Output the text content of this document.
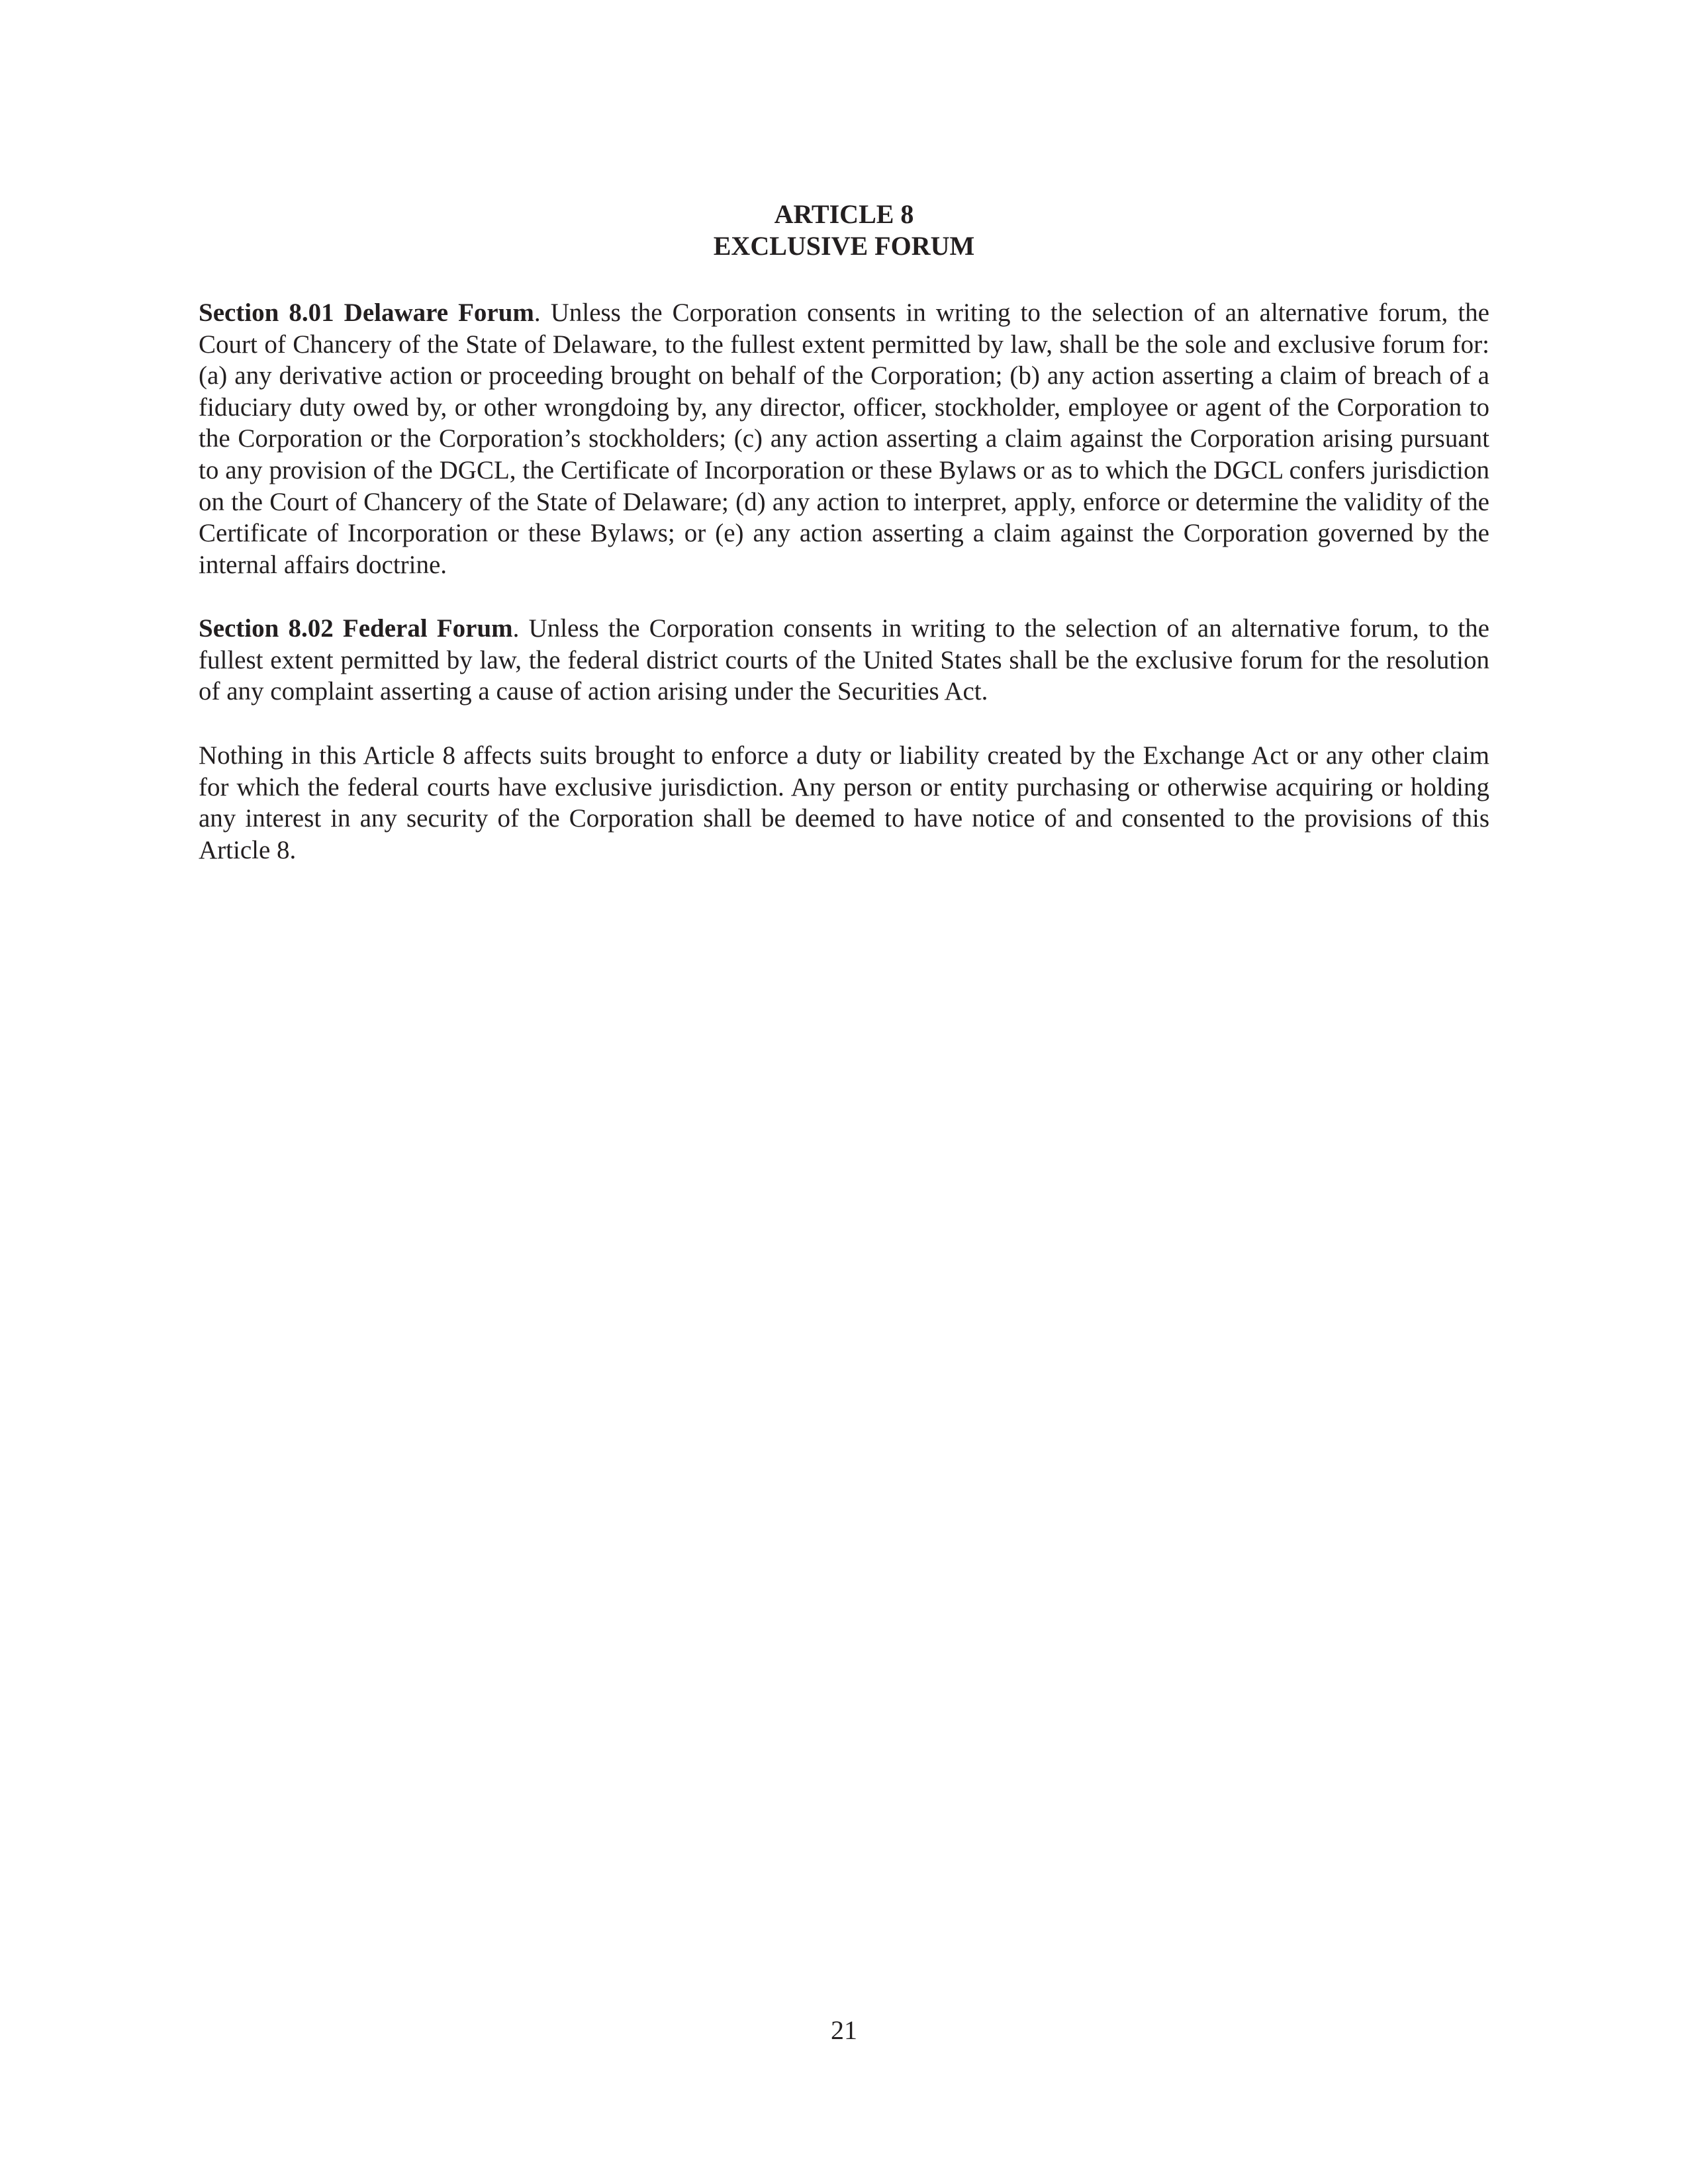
ARTICLE 8
EXCLUSIVE FORUM

Section 8.01 Delaware Forum. Unless the Corporation consents in writing to the selection of an alternative forum, the Court of Chancery of the State of Delaware, to the fullest extent permitted by law, shall be the sole and exclusive forum for: (a) any derivative action or proceeding brought on behalf of the Corporation; (b) any action asserting a claim of breach of a fiduciary duty owed by, or other wrongdoing by, any director, officer, stockholder, employee or agent of the Corporation to the Corporation or the Corporation’s stockholders; (c) any action asserting a claim against the Corporation arising pursuant to any provision of the DGCL, the Certificate of Incorporation or these Bylaws or as to which the DGCL confers jurisdiction on the Court of Chancery of the State of Delaware; (d) any action to interpret, apply, enforce or determine the validity of the Certificate of Incorporation or these Bylaws; or (e) any action asserting a claim against the Corporation governed by the internal affairs doctrine.

Section 8.02 Federal Forum. Unless the Corporation consents in writing to the selection of an alternative forum, to the fullest extent permitted by law, the federal district courts of the United States shall be the exclusive forum for the resolution of any complaint asserting a cause of action arising under the Securities Act.

Nothing in this Article 8 affects suits brought to enforce a duty or liability created by the Exchange Act or any other claim for which the federal courts have exclusive jurisdiction. Any person or entity purchasing or otherwise acquiring or holding any interest in any security of the Corporation shall be deemed to have notice of and consented to the provisions of this Article 8.

21
